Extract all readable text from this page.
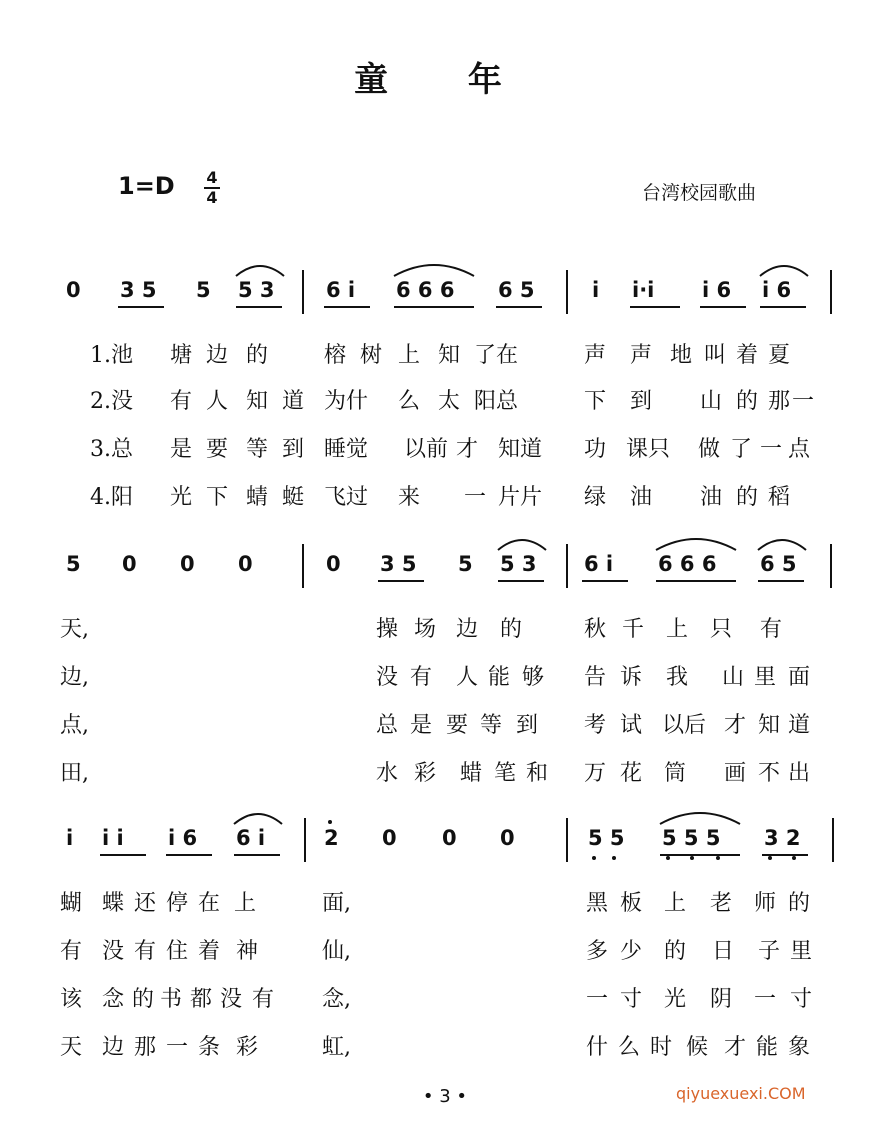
童 年
1=D 4
4	台湾校园歌曲
0 3 5 5 5 3 6 i 6 6 6 6 5	i i·i i 6 i 6
1.池 塘 边 的	榕 树 上 知 了在	声 声 地 叫 着 夏
2.没 有 人 知 道 为什 么 太 阳总	下 到 山 的 那 一
3.总 是 要 等 到 睡觉 以前 才 知道 功 课只 做 了 一 点
4.阳 光 下 蜻 蜓 飞过 来 一 片片 绿 油 油 的 稻
5 0 0 0	0 3 5 5 5 3 6 i 6 6 6 6 5
天,	操 场 边 的	秋 千 上 只 有
边,	没 有 人 能 够 告 诉 我 山 里 面
点,	总 是 要 等 到 考 试 以后 才 知 道
田,	水 彩 蜡 笔 和 万 花 筒 画 不 出
i i i i 6 6 i	2 0 0 0	5 5 5 5 5 3 2
蝴 蝶 还 停 在 上	面,	黑 板 上 老 师 的
有 没 有 住 着 神	仙,	多 少 的 日 子 里
该 念 的 书 都 没 有 念,	一 寸 光 阴 一 寸
天 边 那 一 条 彩	虹,	什 么 时 候 才 能 象
• 3 •	qiyuexuexi.COM
